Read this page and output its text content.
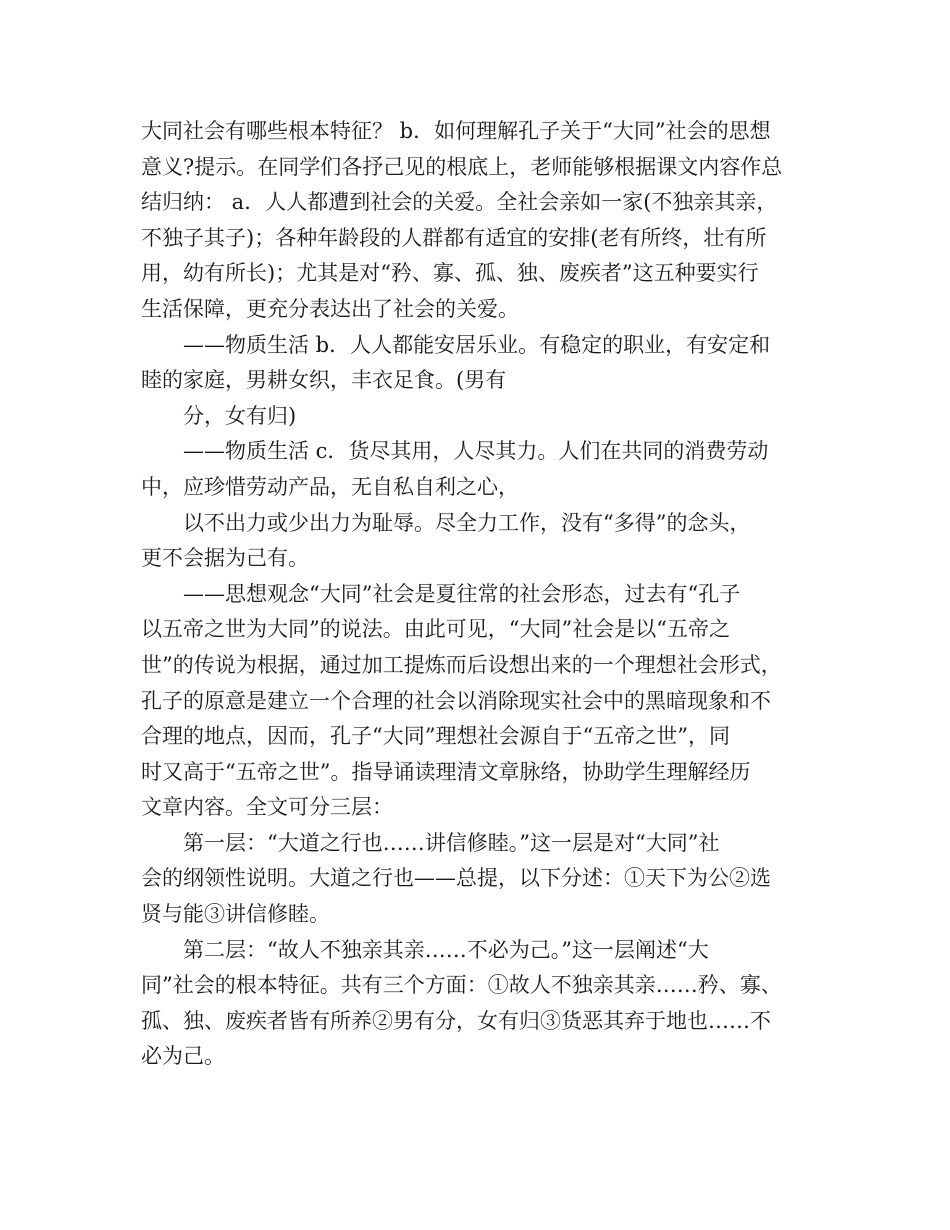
大同社会有哪些根本特征？ b．如何理解孔子关于“大同”社会的思想
意义?提示。在同学们各抒己见的根底上，老师能够根据课文内容作总
结归纳： a．人人都遭到社会的关爱。全社会亲如一家(不独亲其亲，
不独子其子)；各种年龄段的人群都有适宜的安排(老有所终，壮有所
用，幼有所长)；尤其是对“矜、寡、孤、独、废疾者”这五种要实行
生活保障，更充分表达出了社会的关爱。
——物质生活 b．人人都能安居乐业。有稳定的职业，有安定和
睦的家庭，男耕女织，丰衣足食。(男有
分，女有归)
——物质生活 c．货尽其用，人尽其力。人们在共同的消费劳动
中，应珍惜劳动产品，无自私自利之心，
以不出力或少出力为耻辱。尽全力工作，没有“多得”的念头，
更不会据为己有。
——思想观念“大同”社会是夏往常的社会形态，过去有“孔子
以五帝之世为大同”的说法。由此可见，“大同”社会是以“五帝之
世”的传说为根据，通过加工提炼而后设想出来的一个理想社会形式，
孔子的原意是建立一个合理的社会以消除现实社会中的黑暗现象和不
合理的地点，因而，孔子“大同”理想社会源自于“五帝之世”，同
时又高于“五帝之世”。指导诵读理清文章脉络，协助学生理解经历
文章内容。全文可分三层：
第一层：“大道之行也……讲信修睦。”这一层是对“大同”社
会的纲领性说明。大道之行也——总提，以下分述：①天下为公②选
贤与能③讲信修睦。
第二层：“故人不独亲其亲……不必为己。”这一层阐述“大
同”社会的根本特征。共有三个方面：①故人不独亲其亲……矜、寡、
孤、独、废疾者皆有所养②男有分，女有归③货恶其弃于地也……不
必为己。
